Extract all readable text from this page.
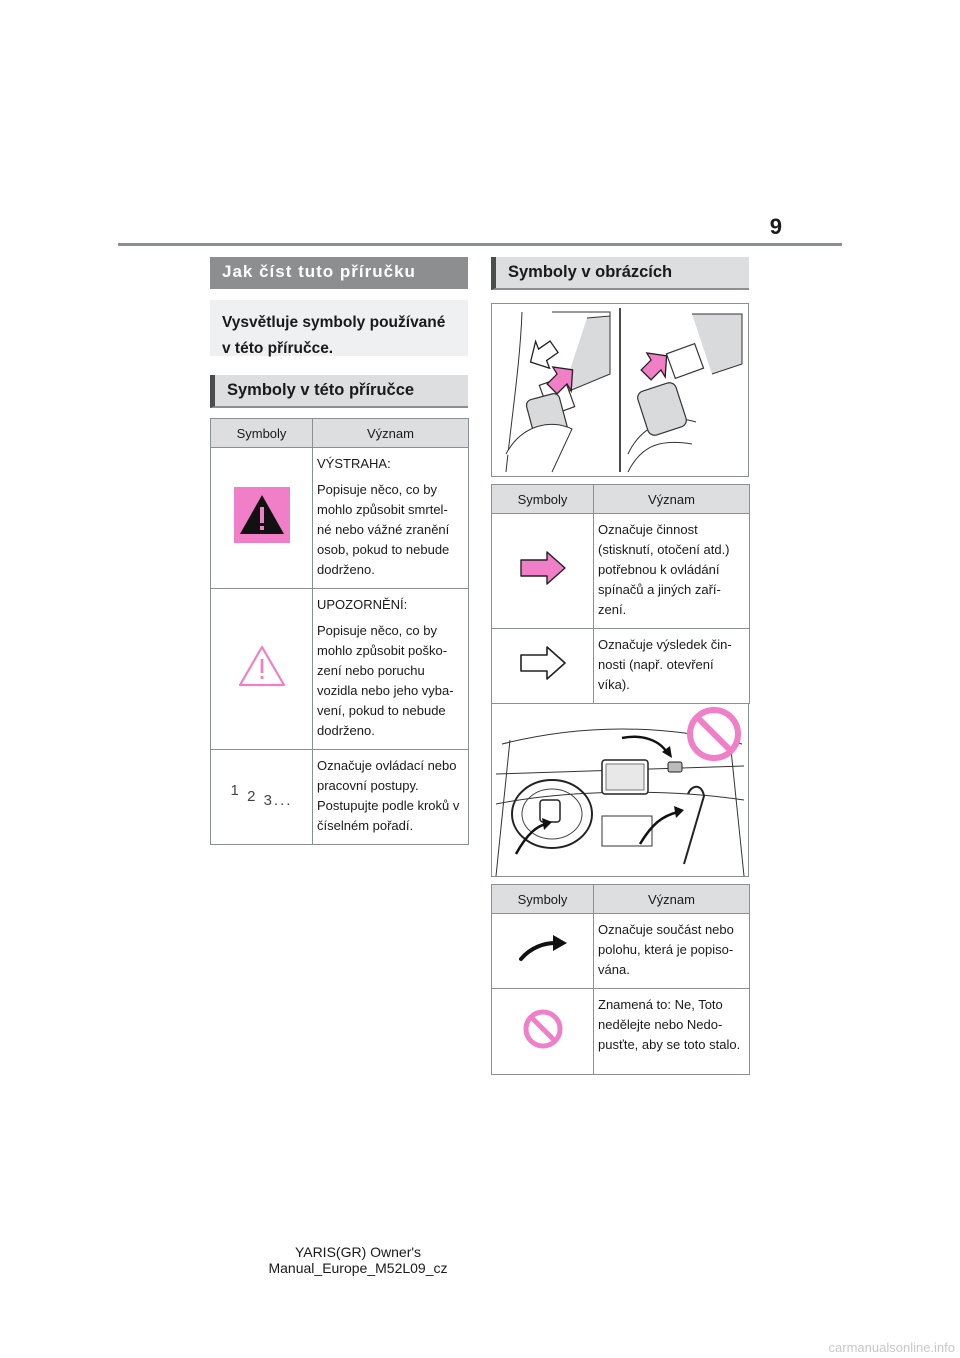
9
Jak číst tuto příručku
Vysvětluje symboly používané v této příručce.
Symboly v této příručce
Symboly	Význam

VÝSTRAHA:

Popisuje něco, co by mohlo způsobit smrtel- né nebo vážné zranění osob, pokud to nebude dodrženo.

UPOZORNĚNÍ:

Popisuje něco, co by mohlo způsobit poško- zení nebo poruchu vozidla nebo jeho vyba- vení, pokud to nebude dodrženo.

1 2 3...	Označuje ovládací nebo pracovní postupy. Postupujte podle kroků v číselném pořadí.

Symboly v obrázcích
Symboly	Význam

Označuje činnost (stisknutí, otočení atd.) potřebnou k ovládání spínačů a jiných zaří- zení.

Označuje výsledek čin- nosti (např. otevření víka).

Symboly	Význam

Označuje součást nebo polohu, která je popiso- vána.

Znamená to: Ne, Toto nedělejte nebo Nedo- pusťte, aby se toto stalo.

YARIS(GR) Owner's Manual_Europe_M52L09_cz
carmanualsonline.info
